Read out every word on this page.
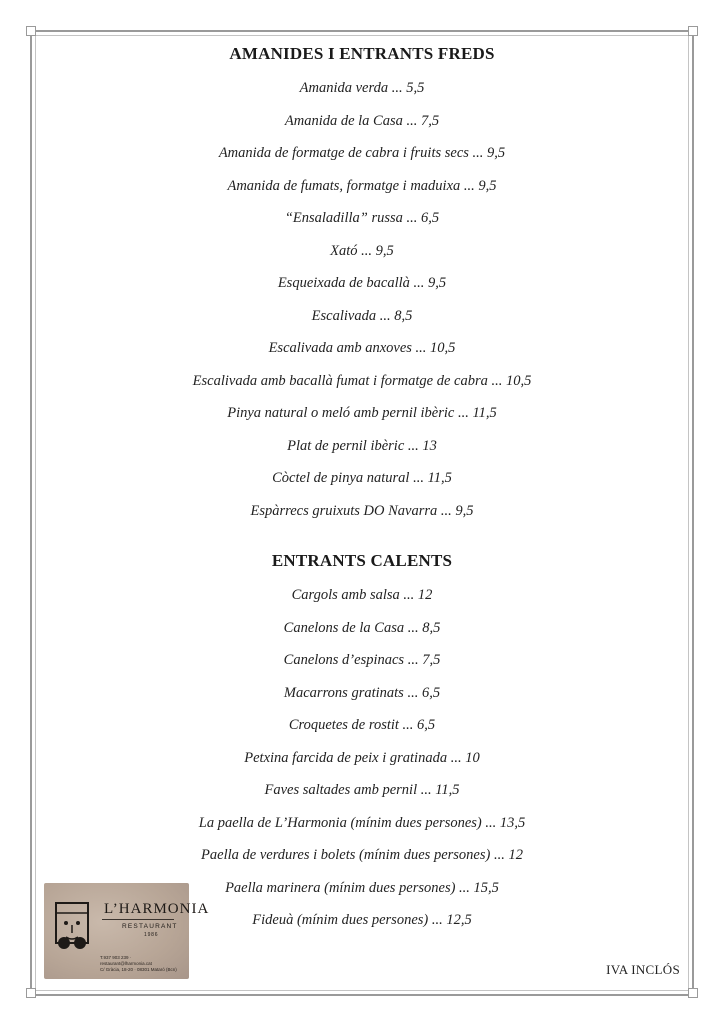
AMANIDES I ENTRANTS FREDS
Amanida verda ... 5,5
Amanida de la Casa ... 7,5
Amanida de formatge de cabra i fruits secs ... 9,5
Amanida de fumats, formatge i maduixa ... 9,5
“Ensaladilla” russa ... 6,5
Xató ... 9,5
Esqueixada de bacallà ... 9,5
Escalivada ... 8,5
Escalivada amb anxoves ... 10,5
Escalivada amb bacallà fumat i formatge de cabra ... 10,5
Pinya natural o meló amb pernil ibèric ... 11,5
Plat de pernil ibèric ... 13
Còctel de pinya natural ... 11,5
Espàrrecs gruixuts DO Navarra ... 9,5
ENTRANTS CALENTS
Cargols amb salsa ... 12
Canelons de la Casa ... 8,5
Canelons d’espinacs ... 7,5
Macarrons gratinats ... 6,5
Croquetes de rostit ... 6,5
Petxina farcida de peix i gratinada ... 10
Faves saltades amb pernil ... 11,5
La paella de L’Harmonia (mínim dues persones) ... 13,5
Paella de verdures i bolets (mínim dues persones) ... 12
Paella marinera (mínim dues persones) ... 15,5
Fideuà (mínim dues persones) ... 12,5
L’HARMONIA
RESTAURANT
1986
T.937 903 239 · restaurant@lharmonia.cat
C/ Gràcia, 18-20 · 08301 Mataró (Bcn)	IVA INCLÓS
